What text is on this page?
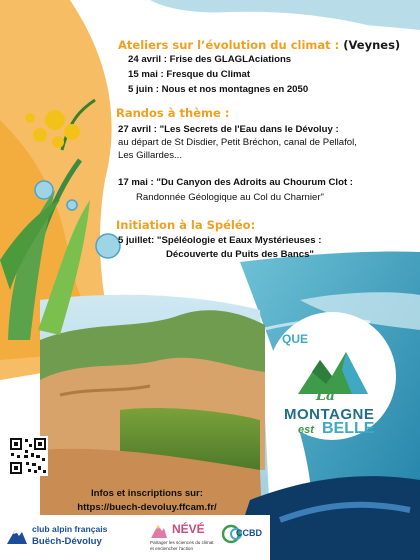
Ateliers sur l’évolution du climat : (Veynes)
24 avril : Frise des GLAGLAciations
15 mai : Fresque du Climat
5 juin : Nous et nos montagnes en 2050
Randos à thème :
27 avril : "Les Secrets de l'Eau dans le Dévoluy :
au départ de St Disdier, Petit Bréchon, canal de Pellafol,
Les Gillardes...
17 mai : "Du Canyon des Adroits au Chourum Clot :
Randonnée Géologique au Col du Charnier"
Initiation à la Spéléo:
5 juillet: "Spéléologie et Eaux Mystérieuses :
Découverte du Puits des Bancs"
QUE
La
MONTAGNE
est BELLE
Infos et inscriptions sur:
https://buech-devoluy.ffcam.fr/
club alpin français
Buëch-Dévoluy
NÉVÉ
Partager les sciences du climat
et enclencher l'action
CCBD
